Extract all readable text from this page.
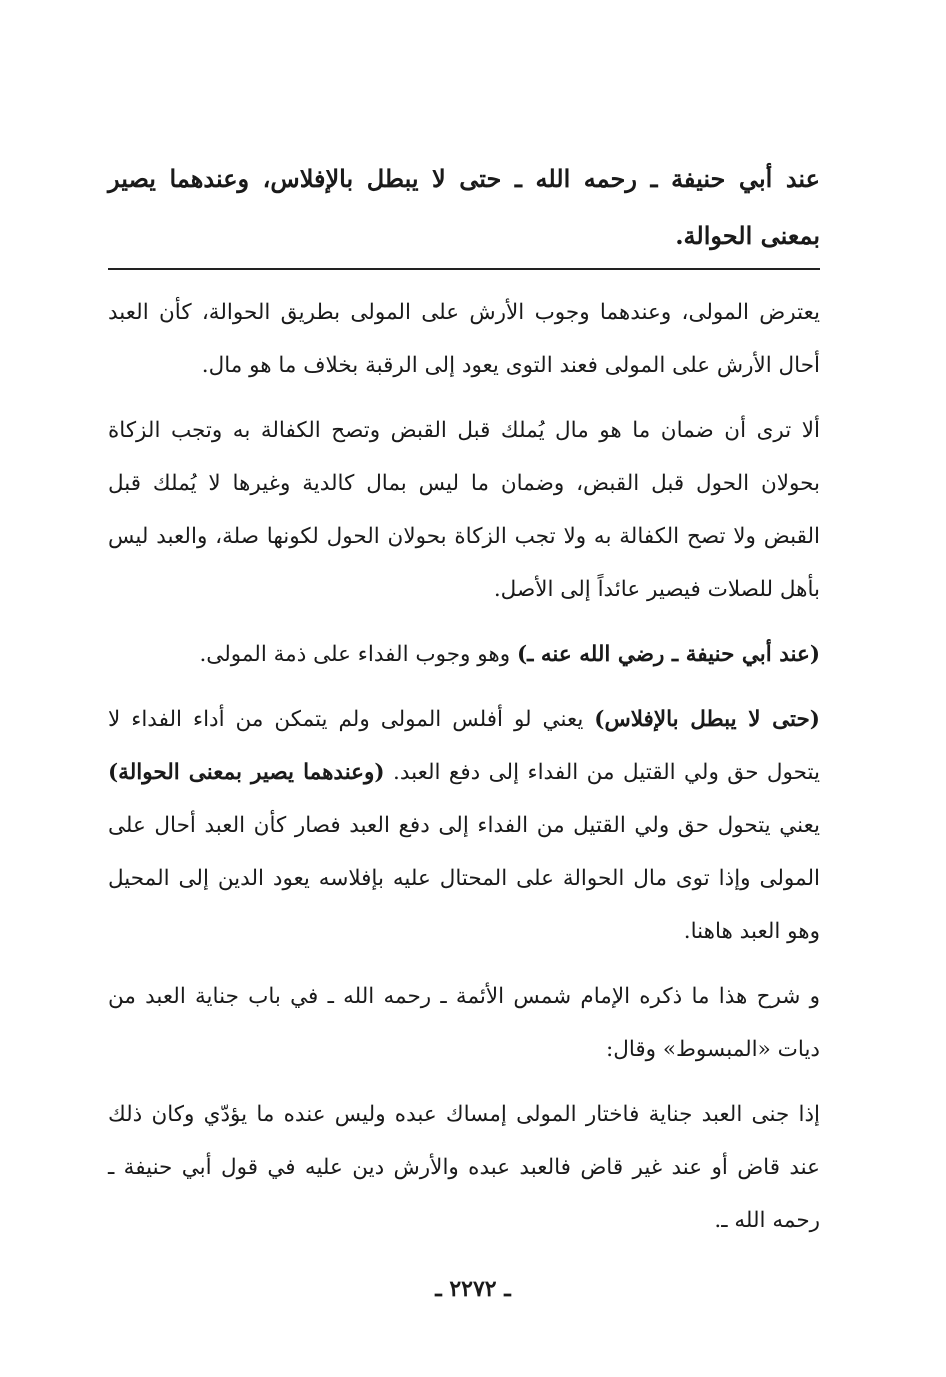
عند أبي حنيفة ـ رحمه الله ـ حتى لا يبطل بالإفلاس، وعندهما يصير بمعنى الحوالة.

يعترض المولى، وعندهما وجوب الأرش على المولى بطريق الحوالة، كأن العبد أحال الأرش على المولى فعند التوى يعود إلى الرقبة بخلاف ما هو مال.

ألا ترى أن ضمان ما هو مال يُملك قبل القبض وتصح الكفالة به وتجب الزكاة بحولان الحول قبل القبض، وضمان ما ليس بمال كالدية وغيرها لا يُملك قبل القبض ولا تصح الكفالة به ولا تجب الزكاة بحولان الحول لكونها صلة، والعبد ليس بأهل للصلات فيصير عائداً إلى الأصل.

(عند أبي حنيفة ـ رضي الله عنه ـ) وهو وجوب الفداء على ذمة المولى.

(حتى لا يبطل بالإفلاس) يعني لو أفلس المولى ولم يتمكن من أداء الفداء لا يتحول حق ولي القتيل من الفداء إلى دفع العبد. (وعندهما يصير بمعنى الحوالة) يعني يتحول حق ولي القتيل من الفداء إلى دفع العبد فصار كأن العبد أحال على المولى وإذا توى مال الحوالة على المحتال عليه بإفلاسه يعود الدين إلى المحيل وهو العبد هاهنا.

و شرح هذا ما ذكره الإمام شمس الأئمة ـ رحمه الله ـ في باب جناية العبد من ديات «المبسوط» وقال:

إذا جنى العبد جناية فاختار المولى إمساك عبده وليس عنده ما يؤدّي وكان ذلك عند قاض أو عند غير قاض فالعبد عبده والأرش دين عليه في قول أبي حنيفة ـ رحمه الله ـ.

ـ ٢٢٧٢ ـ
